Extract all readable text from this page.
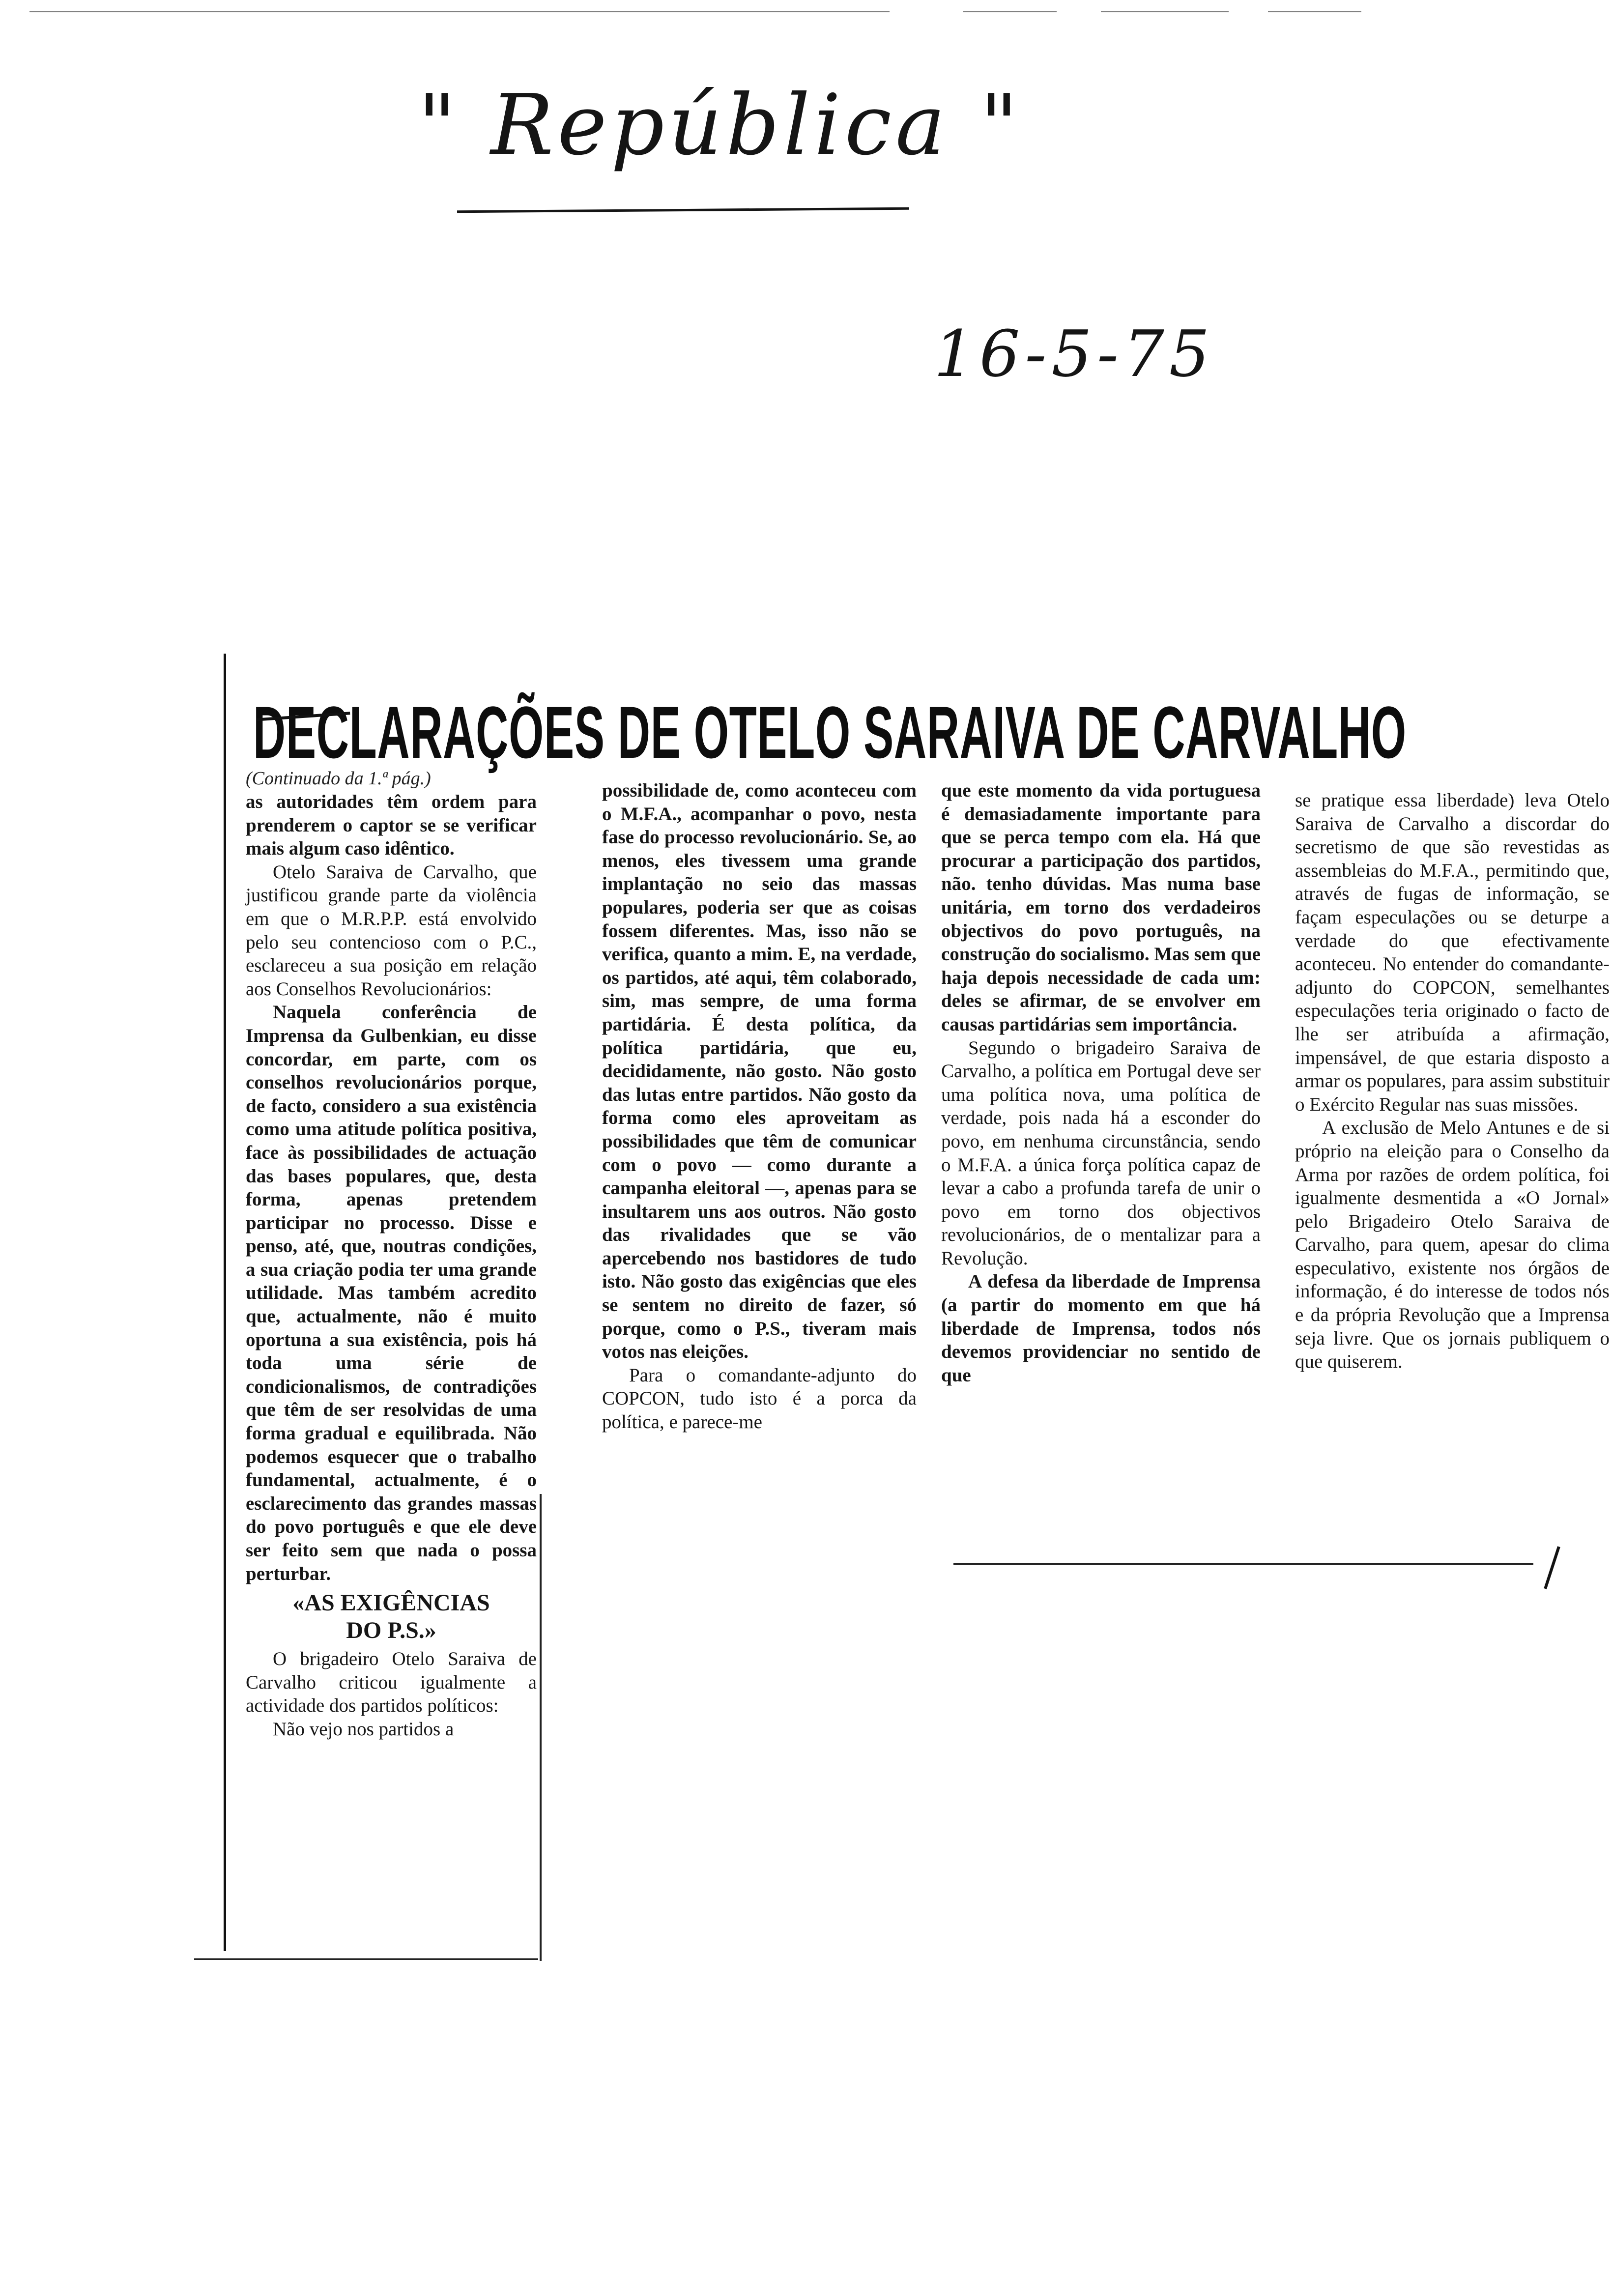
" República "
16-5-75
DECLARAÇÕES DE OTELO SARAIVA DE CARVALHO

(Continuado da 1.ª pág.)

as autoridades têm ordem para prenderem o captor se se verificar mais algum caso idêntico.

Otelo Saraiva de Carvalho, que justificou grande parte da violência em que o M.R.P.P. está envolvido pelo seu contencioso com o P.C., esclareceu a sua posição em relação aos Conselhos Revolucionários:

Naquela conferência de Imprensa da Gulbenkian, eu disse concordar, em parte, com os conselhos revolucionários porque, de facto, considero a sua existência como uma atitude política positiva, face às possibilidades de actuação das bases populares, que, desta forma, apenas pretendem participar no processo. Disse e penso, até, que, noutras condições, a sua criação podia ter uma grande utilidade. Mas também acredito que, actualmente, não é muito oportuna a sua existência, pois há toda uma série de condicionalismos, de contradições que têm de ser resolvidas de uma forma gradual e equilibrada. Não podemos esquecer que o trabalho fundamental, actualmente, é o esclarecimento das grandes massas do povo português e que ele deve ser feito sem que nada o possa perturbar.

«AS EXIGÊNCIAS
DO P.S.»

O brigadeiro Otelo Saraiva de Carvalho criticou igualmente a actividade dos partidos políticos:

Não vejo nos partidos a

possibilidade de, como aconteceu com o M.F.A., acompanhar o povo, nesta fase do processo revolucionário. Se, ao menos, eles tivessem uma grande implantação no seio das massas populares, poderia ser que as coisas fossem diferentes. Mas, isso não se verifica, quanto a mim. E, na verdade, os partidos, até aqui, têm colaborado, sim, mas sempre, de uma forma partidária. É desta política, da política partidária, que eu, decididamente, não gosto. Não gosto das lutas entre partidos. Não gosto da forma como eles aproveitam as possibilidades que têm de comunicar com o povo — como durante a campanha eleitoral —, apenas para se insultarem uns aos outros. Não gosto das rivalidades que se vão apercebendo nos bastidores de tudo isto. Não gosto das exigências que eles se sentem no direito de fazer, só porque, como o P.S., tiveram mais votos nas eleições.

Para o comandante-adjunto do COPCON, tudo isto é a porca da política, e parece-me

que este momento da vida portuguesa é demasiadamente importante para que se perca tempo com ela. Há que procurar a participação dos partidos, não. tenho dúvidas. Mas numa base unitária, em torno dos verdadeiros objectivos do povo português, na construção do socialismo. Mas sem que haja depois necessidade de cada um: deles se afirmar, de se envolver em causas partidárias sem importância.

Segundo o brigadeiro Saraiva de Carvalho, a política em Portugal deve ser uma política nova, uma política de verdade, pois nada há a esconder do povo, em nenhuma circunstância, sendo o M.F.A. a única força política capaz de levar a cabo a profunda tarefa de unir o povo em torno dos objectivos revolucionários, de o mentalizar para a Revolução.

A defesa da liberdade de Imprensa (a partir do momento em que há liberdade de Imprensa, todos nós devemos providenciar no sentido de que

se pratique essa liberdade) leva Otelo Saraiva de Carvalho a discordar do secretismo de que são revestidas as assembleias do M.F.A., permitindo que, através de fugas de informação, se façam especulações ou se deturpe a verdade do que efectivamente aconteceu. No entender do comandante-adjunto do COPCON, semelhantes especulações teria originado o facto de lhe ser atribuída a afirmação, impensável, de que estaria disposto a armar os populares, para assim substituir o Exército Regular nas suas missões.

A exclusão de Melo Antunes e de si próprio na eleição para o Conselho da Arma por razões de ordem política, foi igualmente desmentida a «O Jornal» pelo Brigadeiro Otelo Saraiva de Carvalho, para quem, apesar do clima especulativo, existente nos órgãos de informação, é do interesse de todos nós e da própria Revolução que a Imprensa seja livre. Que os jornais publiquem o que quiserem.
